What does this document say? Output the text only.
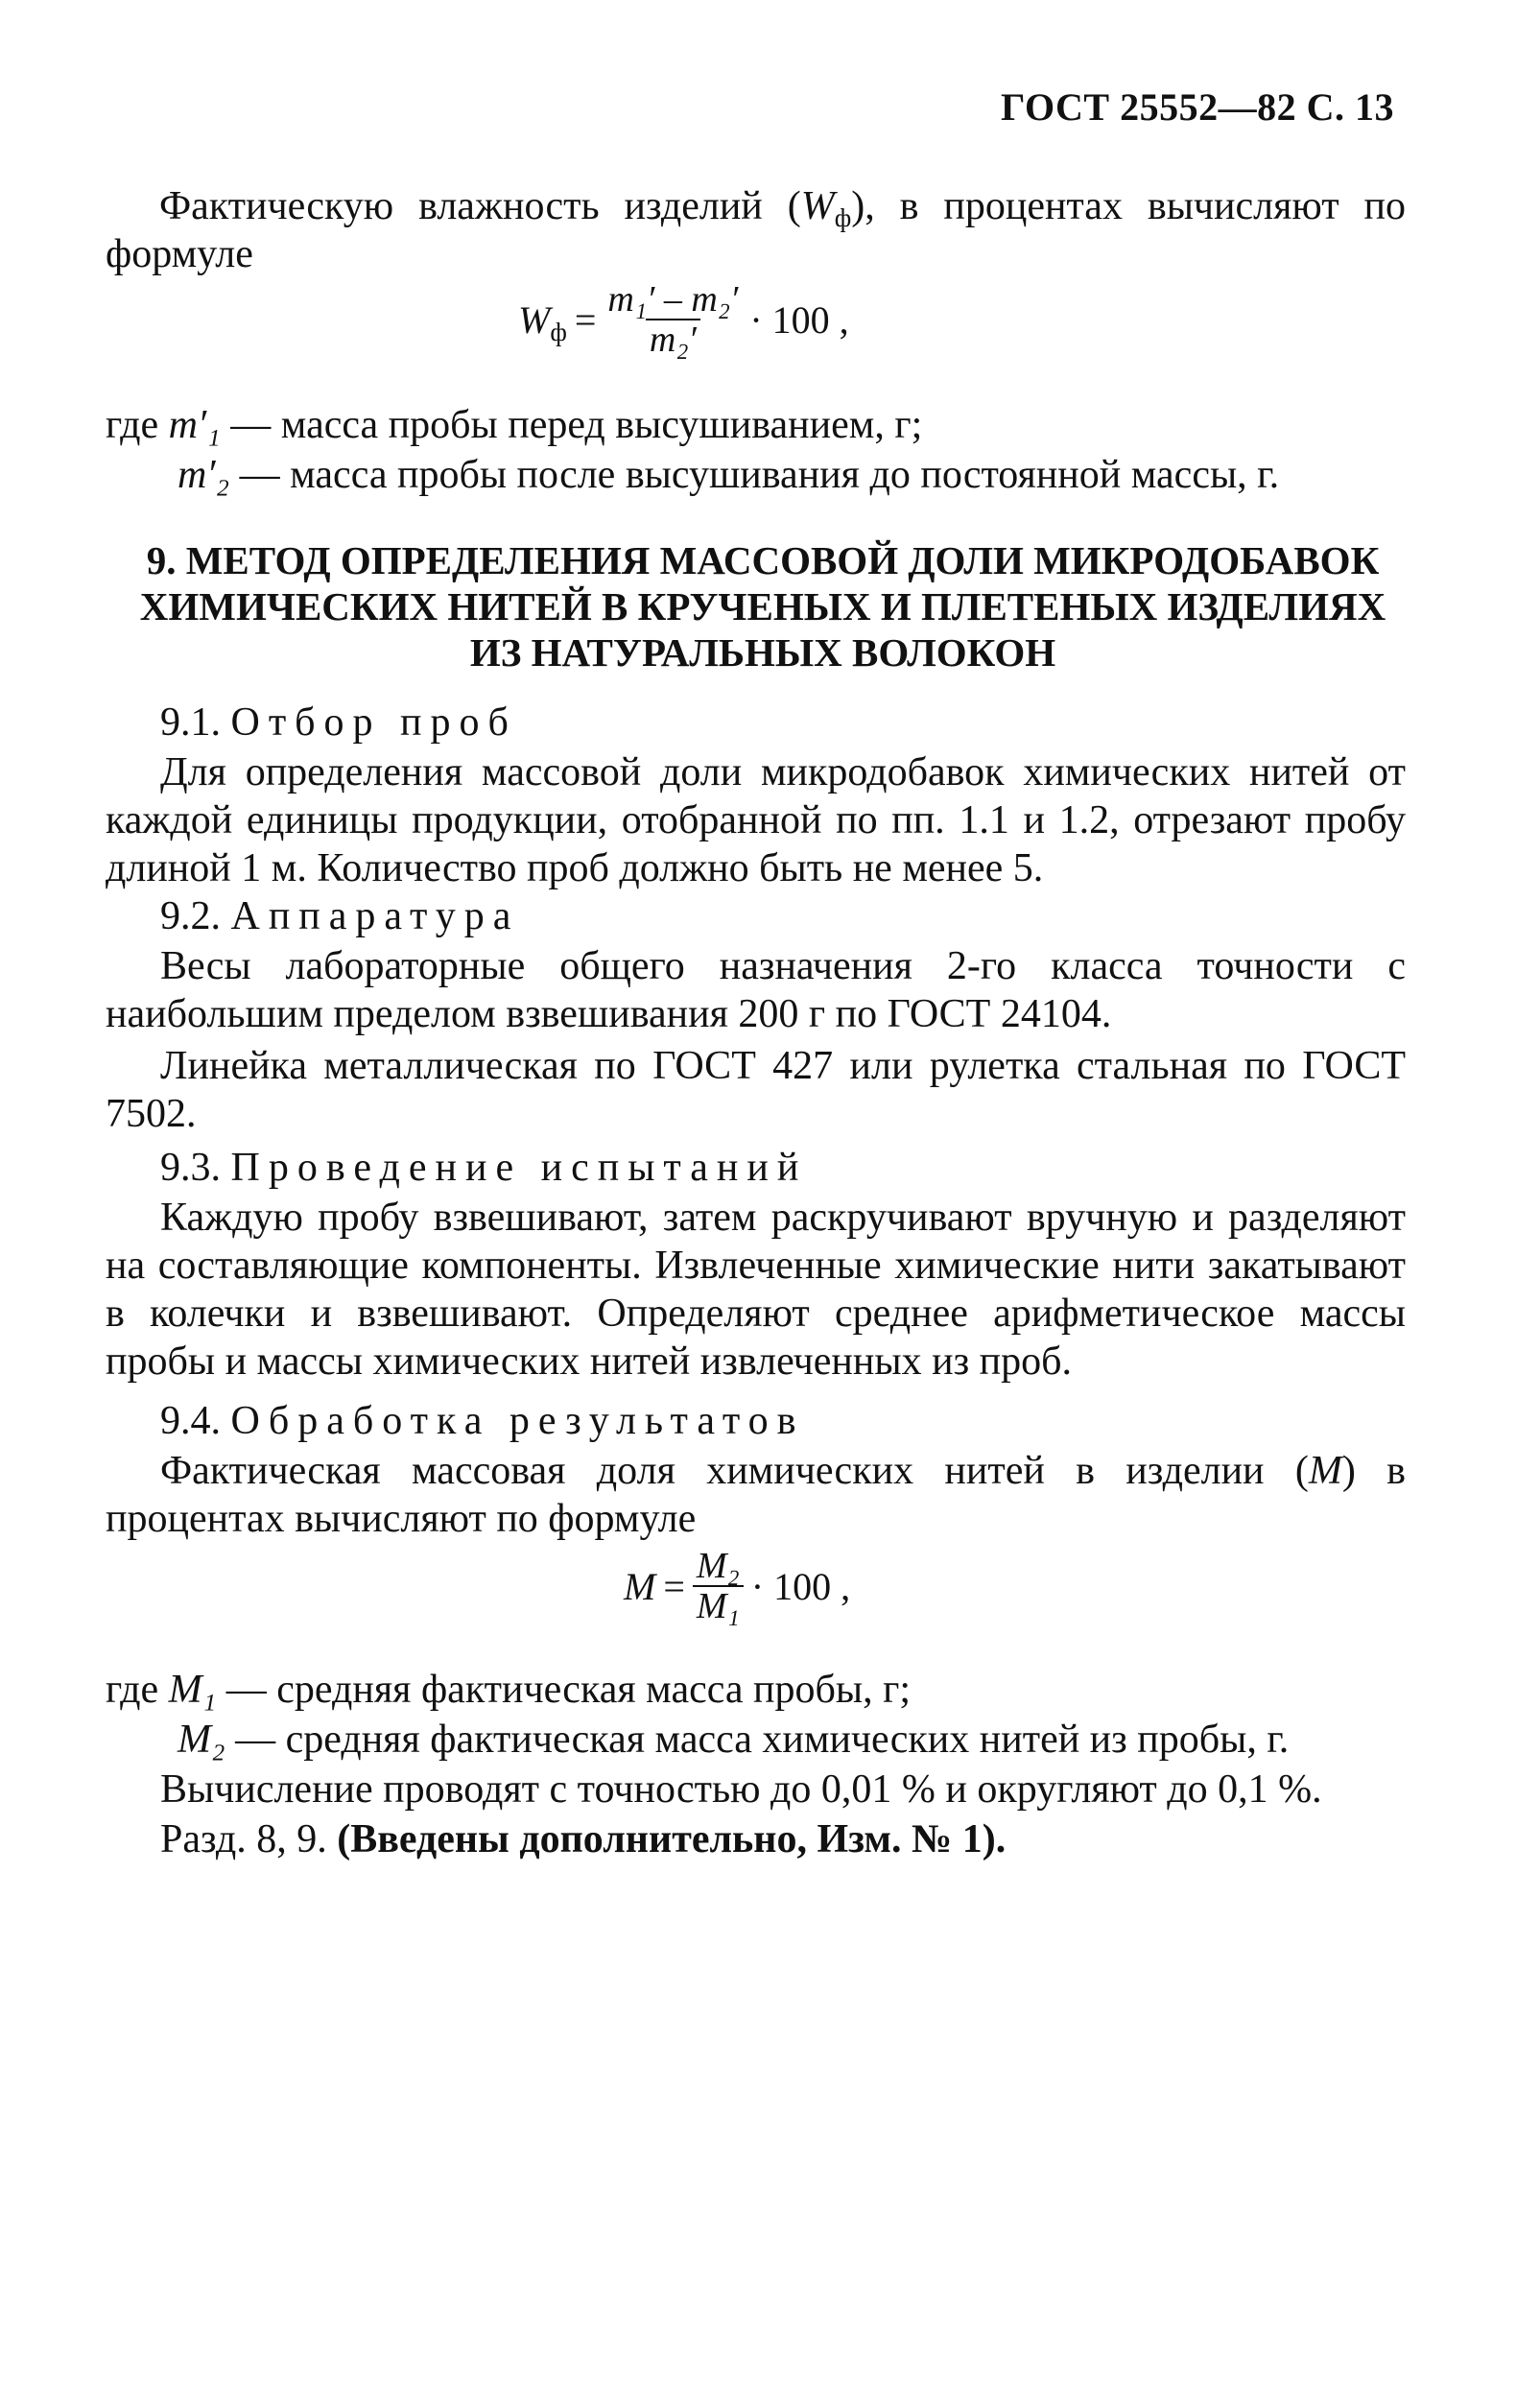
ГОСТ 25552—82 С. 13
Фактическую влажность изделий $(W_ф)$, в процентах вычисляют по формуле
$W_ф = \frac{\text{m₁′ – m₂′}}{\text{m₂′}} \cdot 100$ ,
где m′₁ — масса пробы перед высушиванием, г;
m′₂ — масса пробы после высушивания до постоянной массы, г.
9. МЕТОД ОПРЕДЕЛЕНИЯ МАССОВОЙ ДОЛИ МИКРОДОБАВОК
ХИМИЧЕСКИХ НИТЕЙ В КРУЧЕНЫХ И ПЛЕТЕНЫХ ИЗДЕЛИЯХ
ИЗ НАТУРАЛЬНЫХ ВОЛОКОН
9.1. Отбор проб
Для определения массовой доли микродобавок химических нитей от каждой единицы продукции, отобранной по пп. 1.1 и 1.2, отрезают пробу длиной 1 м. Количество проб должно быть не менее 5.
9.2. Аппаратура
Весы лабораторные общего назначения 2-го класса точности с наибольшим пределом взвешивания 200 г по ГОСТ 24104.
Линейка металлическая по ГОСТ 427 или рулетка стальная по ГОСТ 7502.
9.3. Проведение испытаний
Каждую пробу взвешивают, затем раскручивают вручную и разделяют на составляющие компоненты. Извлеченные химические нити закатывают в колечки и взвешивают. Определяют среднее арифметическое массы пробы и массы химических нитей извлеченных из проб.
9.4. Обработка результатов
Фактическая массовая доля химических нитей в изделии (M) в процентах вычисляют по формуле
$M = \frac{\text{M₂}}{\text{M₁}} \cdot 100$ ,
где M₁ — средняя фактическая масса пробы, г;
M₂ — средняя фактическая масса химических нитей из пробы, г.
Вычисление проводят с точностью до 0,01 % и округляют до 0,1 %.
Разд. 8, 9. (Введены дополнительно, Изм. № 1).
